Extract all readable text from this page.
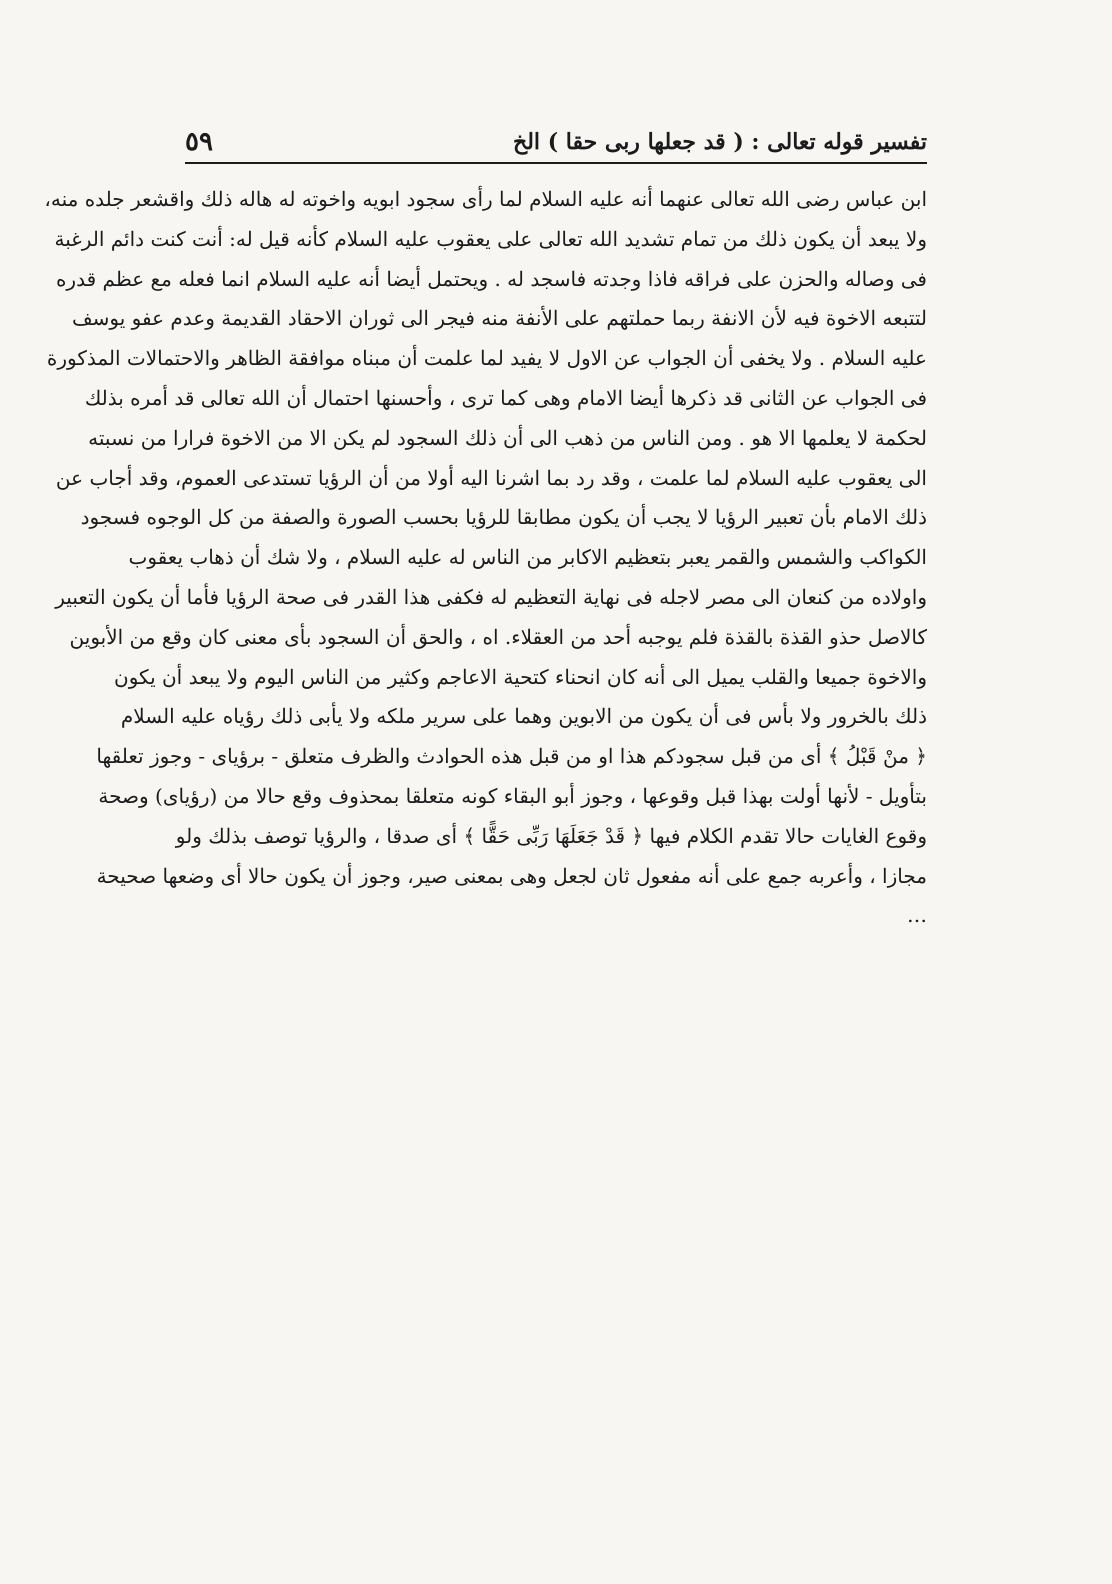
تفسير قوله تعالى : ( قد جعلها ربى حقا ) الخ
٥٩
ابن عباس رضى الله تعالى عنهما أنه عليه السلام لما رأى سجود ابويه واخوته له هاله ذلك واقشعر جلده منه،
ولا يبعد أن يكون ذلك من تمام تشديد الله تعالى على يعقوب عليه السلام كأنه قيل له: أنت كنت دائم الرغبة
فى وصاله والحزن على فراقه فاذا وجدته فاسجد له . ويحتمل أيضا أنه عليه السلام انما فعله مع عظم قدره
لتتبعه الاخوة فيه لأن الانفة ربما حملتهم على الأنفة منه فيجر الى ثوران الاحقاد القديمة وعدم عفو يوسف
عليه السلام . ولا يخفى أن الجواب عن الاول لا يفيد لما علمت أن مبناه موافقة الظاهر والاحتمالات المذكورة
فى الجواب عن الثانى قد ذكرها أيضا الامام وهى كما ترى ، وأحسنها احتمال أن الله تعالى قد أمره بذلك
لحكمة لا يعلمها الا هو . ومن الناس من ذهب الى أن ذلك السجود لم يكن الا من الاخوة فرارا من نسبته
الى يعقوب عليه السلام لما علمت ، وقد رد بما اشرنا اليه أولا من أن الرؤيا تستدعى العموم، وقد أجاب عن
ذلك الامام بأن تعبير الرؤيا لا يجب أن يكون مطابقا للرؤيا بحسب الصورة والصفة من كل الوجوه فسجود
الكواكب والشمس والقمر يعبر بتعظيم الاكابر من الناس له عليه السلام ، ولا شك أن ذهاب يعقوب
واولاده من كنعان الى مصر لاجله فى نهاية التعظيم له فكفى هذا القدر فى صحة الرؤيا فأما أن يكون التعبير
كالاصل حذو القذة بالقذة فلم يوجبه أحد من العقلاء. اه ، والحق أن السجود بأى معنى كان وقع من الأبوين
والاخوة جميعا والقلب يميل الى أنه كان انحناء كتحية الاعاجم وكثير من الناس اليوم ولا يبعد أن يكون
ذلك بالخرور ولا بأس فى أن يكون من الابوين وهما على سرير ملكه ولا يأبى ذلك رؤياه عليه السلام
﴿ منْ قَبْلُ ﴾ أى من قبل سجودكم هذا او من قبل هذه الحوادث والظرف متعلق - برؤياى - وجوز تعلقها
بتأويل - لأنها أولت بهذا قبل وقوعها ، وجوز أبو البقاء كونه متعلقا بمحذوف وقع حالا من (رؤياى) وصحة
وقوع الغايات حالا تقدم الكلام فيها ﴿ قَدْ جَعَلَهَا رَبِّى حَقًّا ﴾ أى صدقا ، والرؤيا توصف بذلك ولو
مجازا ، وأعربه جمع على أنه مفعول ثان لجعل وهى بمعنى صير، وجوز أن يكون حالا أى وضعها صحيحة
…
